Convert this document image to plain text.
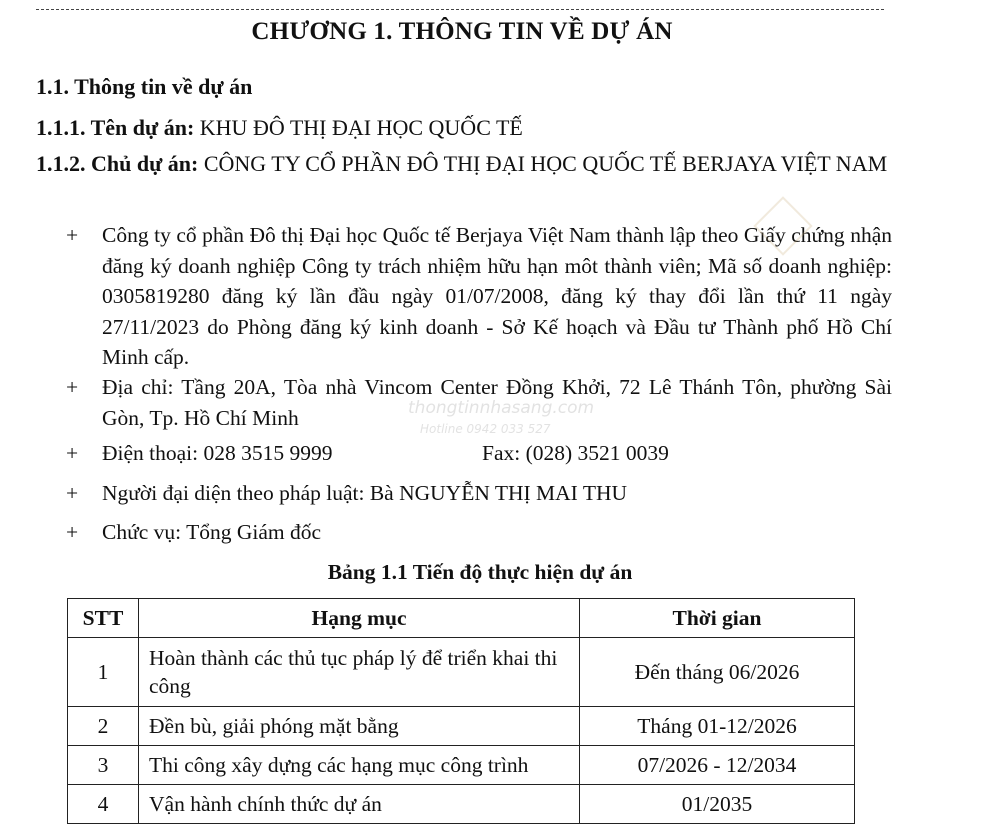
CHƯƠNG 1. THÔNG TIN VỀ DỰ ÁN
1.1. Thông tin về dự án
1.1.1. Tên dự án: KHU ĐÔ THỊ ĐẠI HỌC QUỐC TẾ
1.1.2. Chủ dự án: CÔNG TY CỔ PHẦN ĐÔ THỊ ĐẠI HỌC QUỐC TẾ BERJAYA VIỆT NAM
+	Công ty cổ phần Đô thị Đại học Quốc tế Berjaya Việt Nam thành lập theo Giấy chứng nhận đăng ký doanh nghiệp Công ty trách nhiệm hữu hạn môt thành viên; Mã số doanh nghiệp: 0305819280 đăng ký lần đầu ngày 01/07/2008, đăng ký thay đổi lần thứ 11 ngày 27/11/2023 do Phòng đăng ký kinh doanh - Sở Kế hoạch và Đầu tư Thành phố Hồ Chí Minh cấp.
+	Địa chỉ: Tầng 20A, Tòa nhà Vincom Center Đồng Khởi, 72 Lê Thánh Tôn, phường Sài Gòn, Tp. Hồ Chí Minh
+	Điện thoại: 028 3515 9999	Fax: (028) 3521 0039
+	Người đại diện theo pháp luật: Bà NGUYỄN THỊ MAI THU
+	Chức vụ: Tổng Giám đốc
Bảng 1.1 Tiến độ thực hiện dự án
STT	Hạng mục	Thời gian
1	Hoàn thành các thủ tục pháp lý để triển khai thi công	Đến tháng 06/2026
2	Đền bù, giải phóng mặt bằng	Tháng 01-12/2026
3	Thi công xây dựng các hạng mục công trình	07/2026 - 12/2034
4	Vận hành chính thức dự án	01/2035
thongtinnhasang.com
Hotline 0942 033 527
